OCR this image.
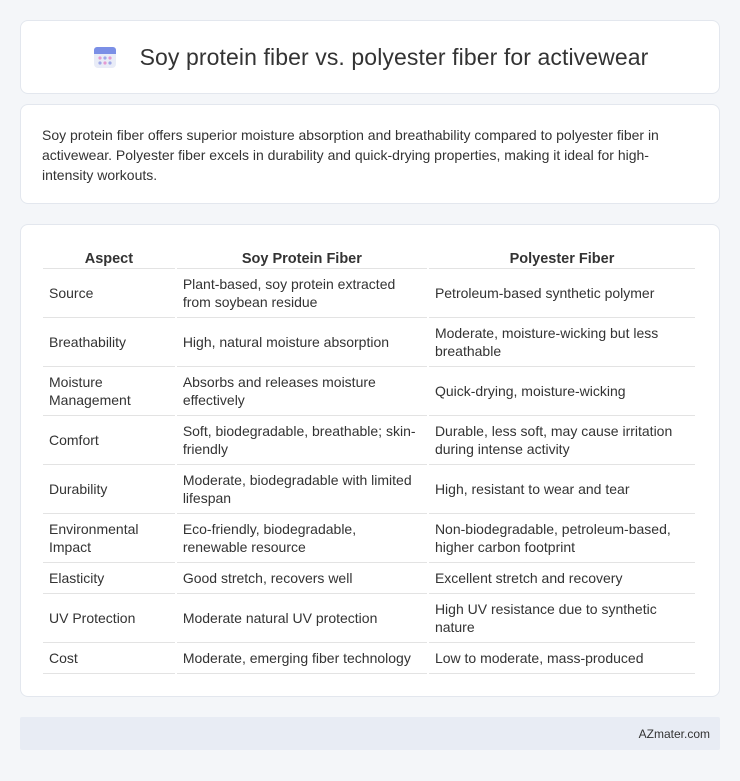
Soy protein fiber vs. polyester fiber for activewear

Soy protein fiber offers superior moisture absorption and breathability compared to polyester fiber in activewear. Polyester fiber excels in durability and quick-drying properties, making it ideal for high-intensity workouts.

Aspect	Soy Protein Fiber	Polyester Fiber
Source	Plant-based, soy protein extracted from soybean residue	Petroleum-based synthetic polymer
Breathability	High, natural moisture absorption	Moderate, moisture-wicking but less breathable
Moisture Management	Absorbs and releases moisture effectively	Quick-drying, moisture-wicking
Comfort	Soft, biodegradable, breathable; skin-friendly	Durable, less soft, may cause irritation during intense activity
Durability	Moderate, biodegradable with limited lifespan	High, resistant to wear and tear
Environmental Impact	Eco-friendly, biodegradable, renewable resource	Non-biodegradable, petroleum-based, higher carbon footprint
Elasticity	Good stretch, recovers well	Excellent stretch and recovery
UV Protection	Moderate natural UV protection	High UV resistance due to synthetic nature
Cost	Moderate, emerging fiber technology	Low to moderate, mass-produced
AZmater.com
